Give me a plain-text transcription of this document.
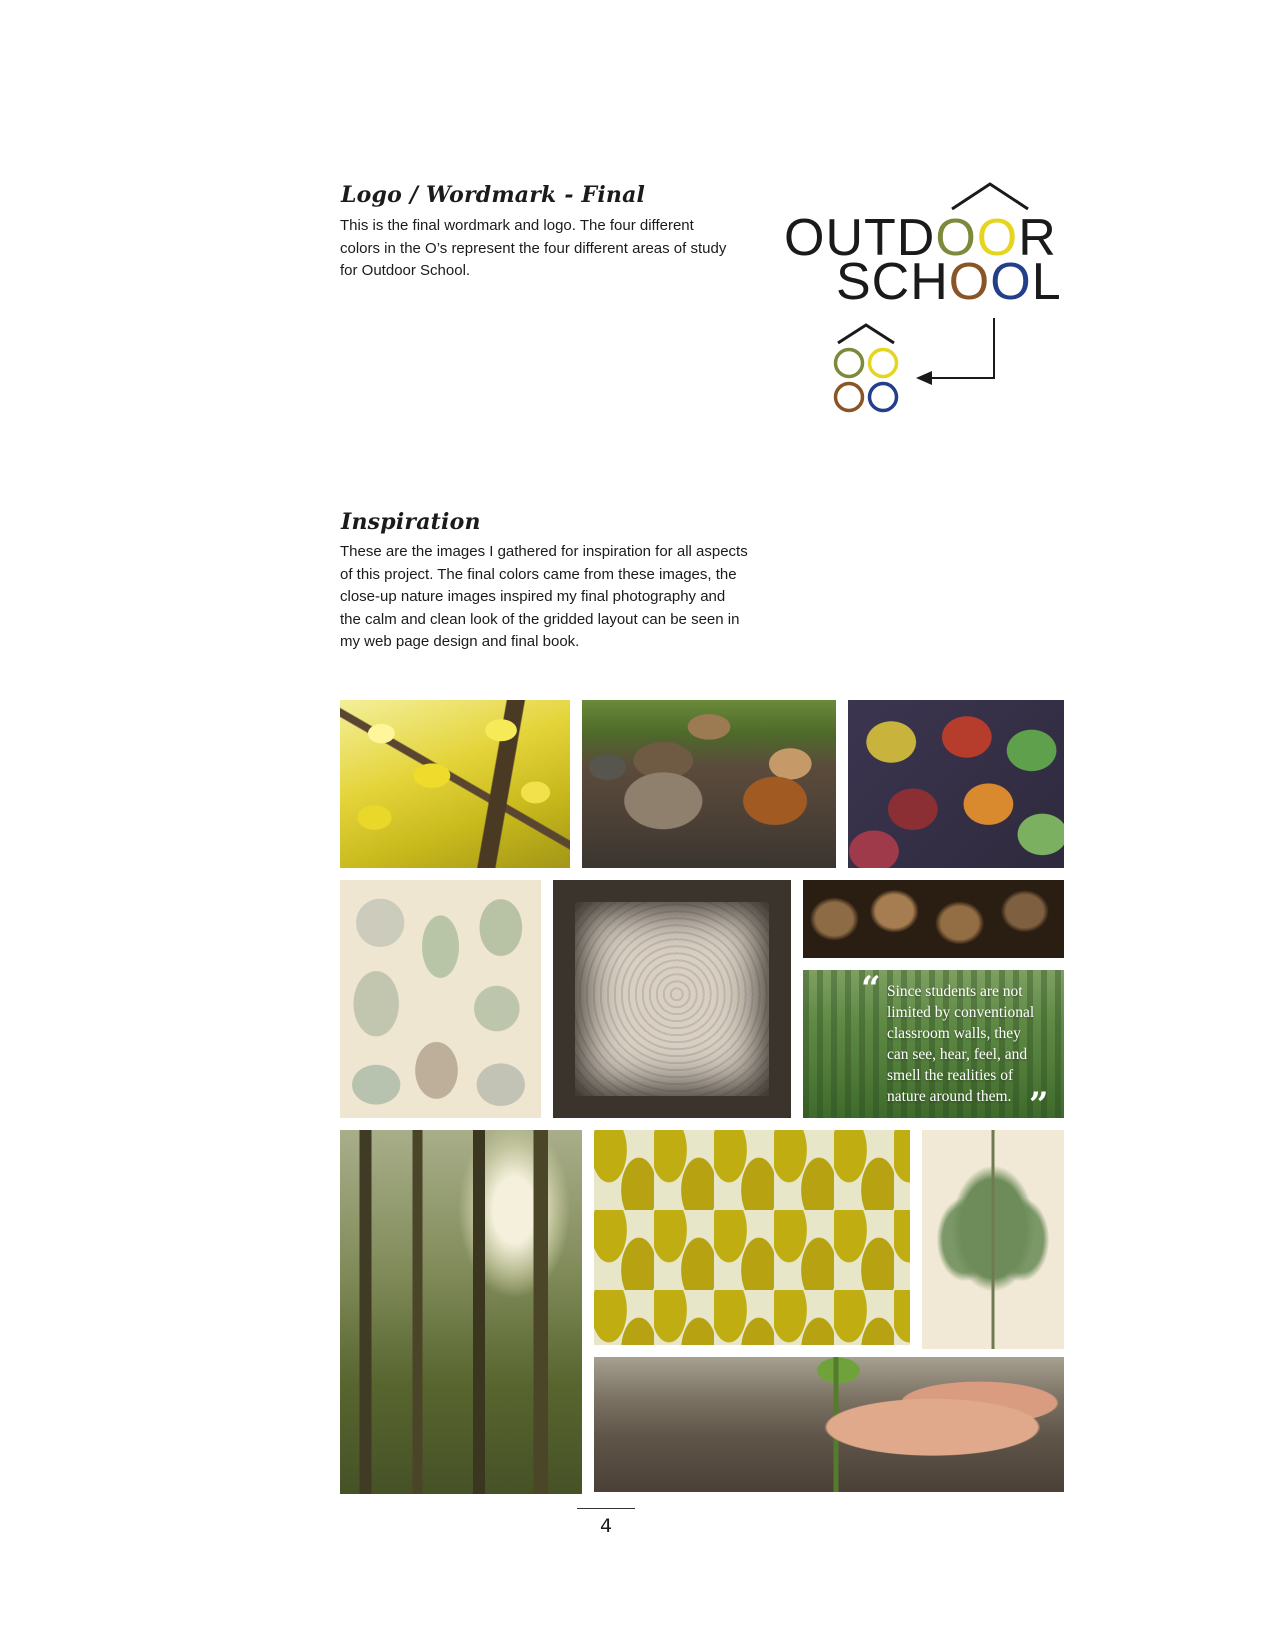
Logo / Wordmark - Final

This is the final wordmark and logo. The four different
colors in the O’s represent the four different areas of study
for Outdoor School.

OUTDOOR
SCHOOL
Inspiration

These are the images I gathered for inspiration for all aspects
of this project. The final colors came from these images, the
close-up nature images inspired my final photography and
the calm and clean look of the gridded layout can be seen in
my web page design and final book.

“ Since students are not
limited by conventional
classroom walls, they
can see, hear, feel, and
smell the realities of
nature around them. ”
4
